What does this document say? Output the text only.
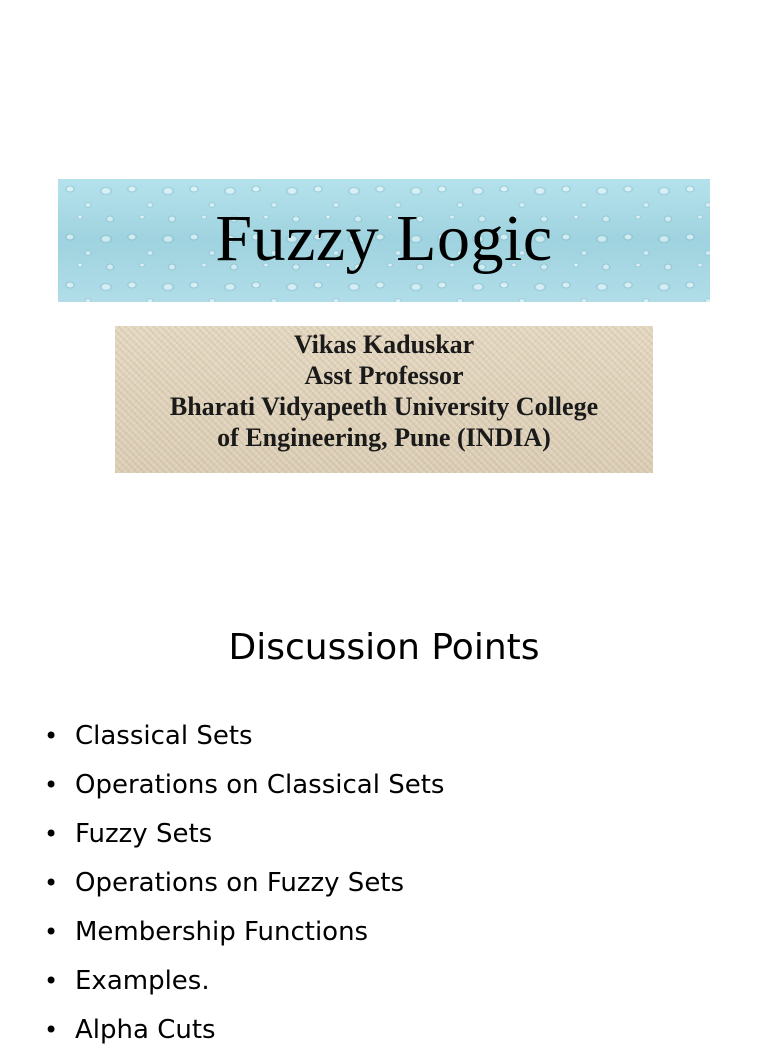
Fuzzy Logic
Vikas Kaduskar
Asst Professor
Bharati Vidyapeeth University College
of Engineering, Pune (INDIA)
Discussion Points
• Classical Sets
• Operations on Classical Sets
• Fuzzy Sets
• Operations on Fuzzy Sets
• Membership Functions
• Examples.
• Alpha Cuts
